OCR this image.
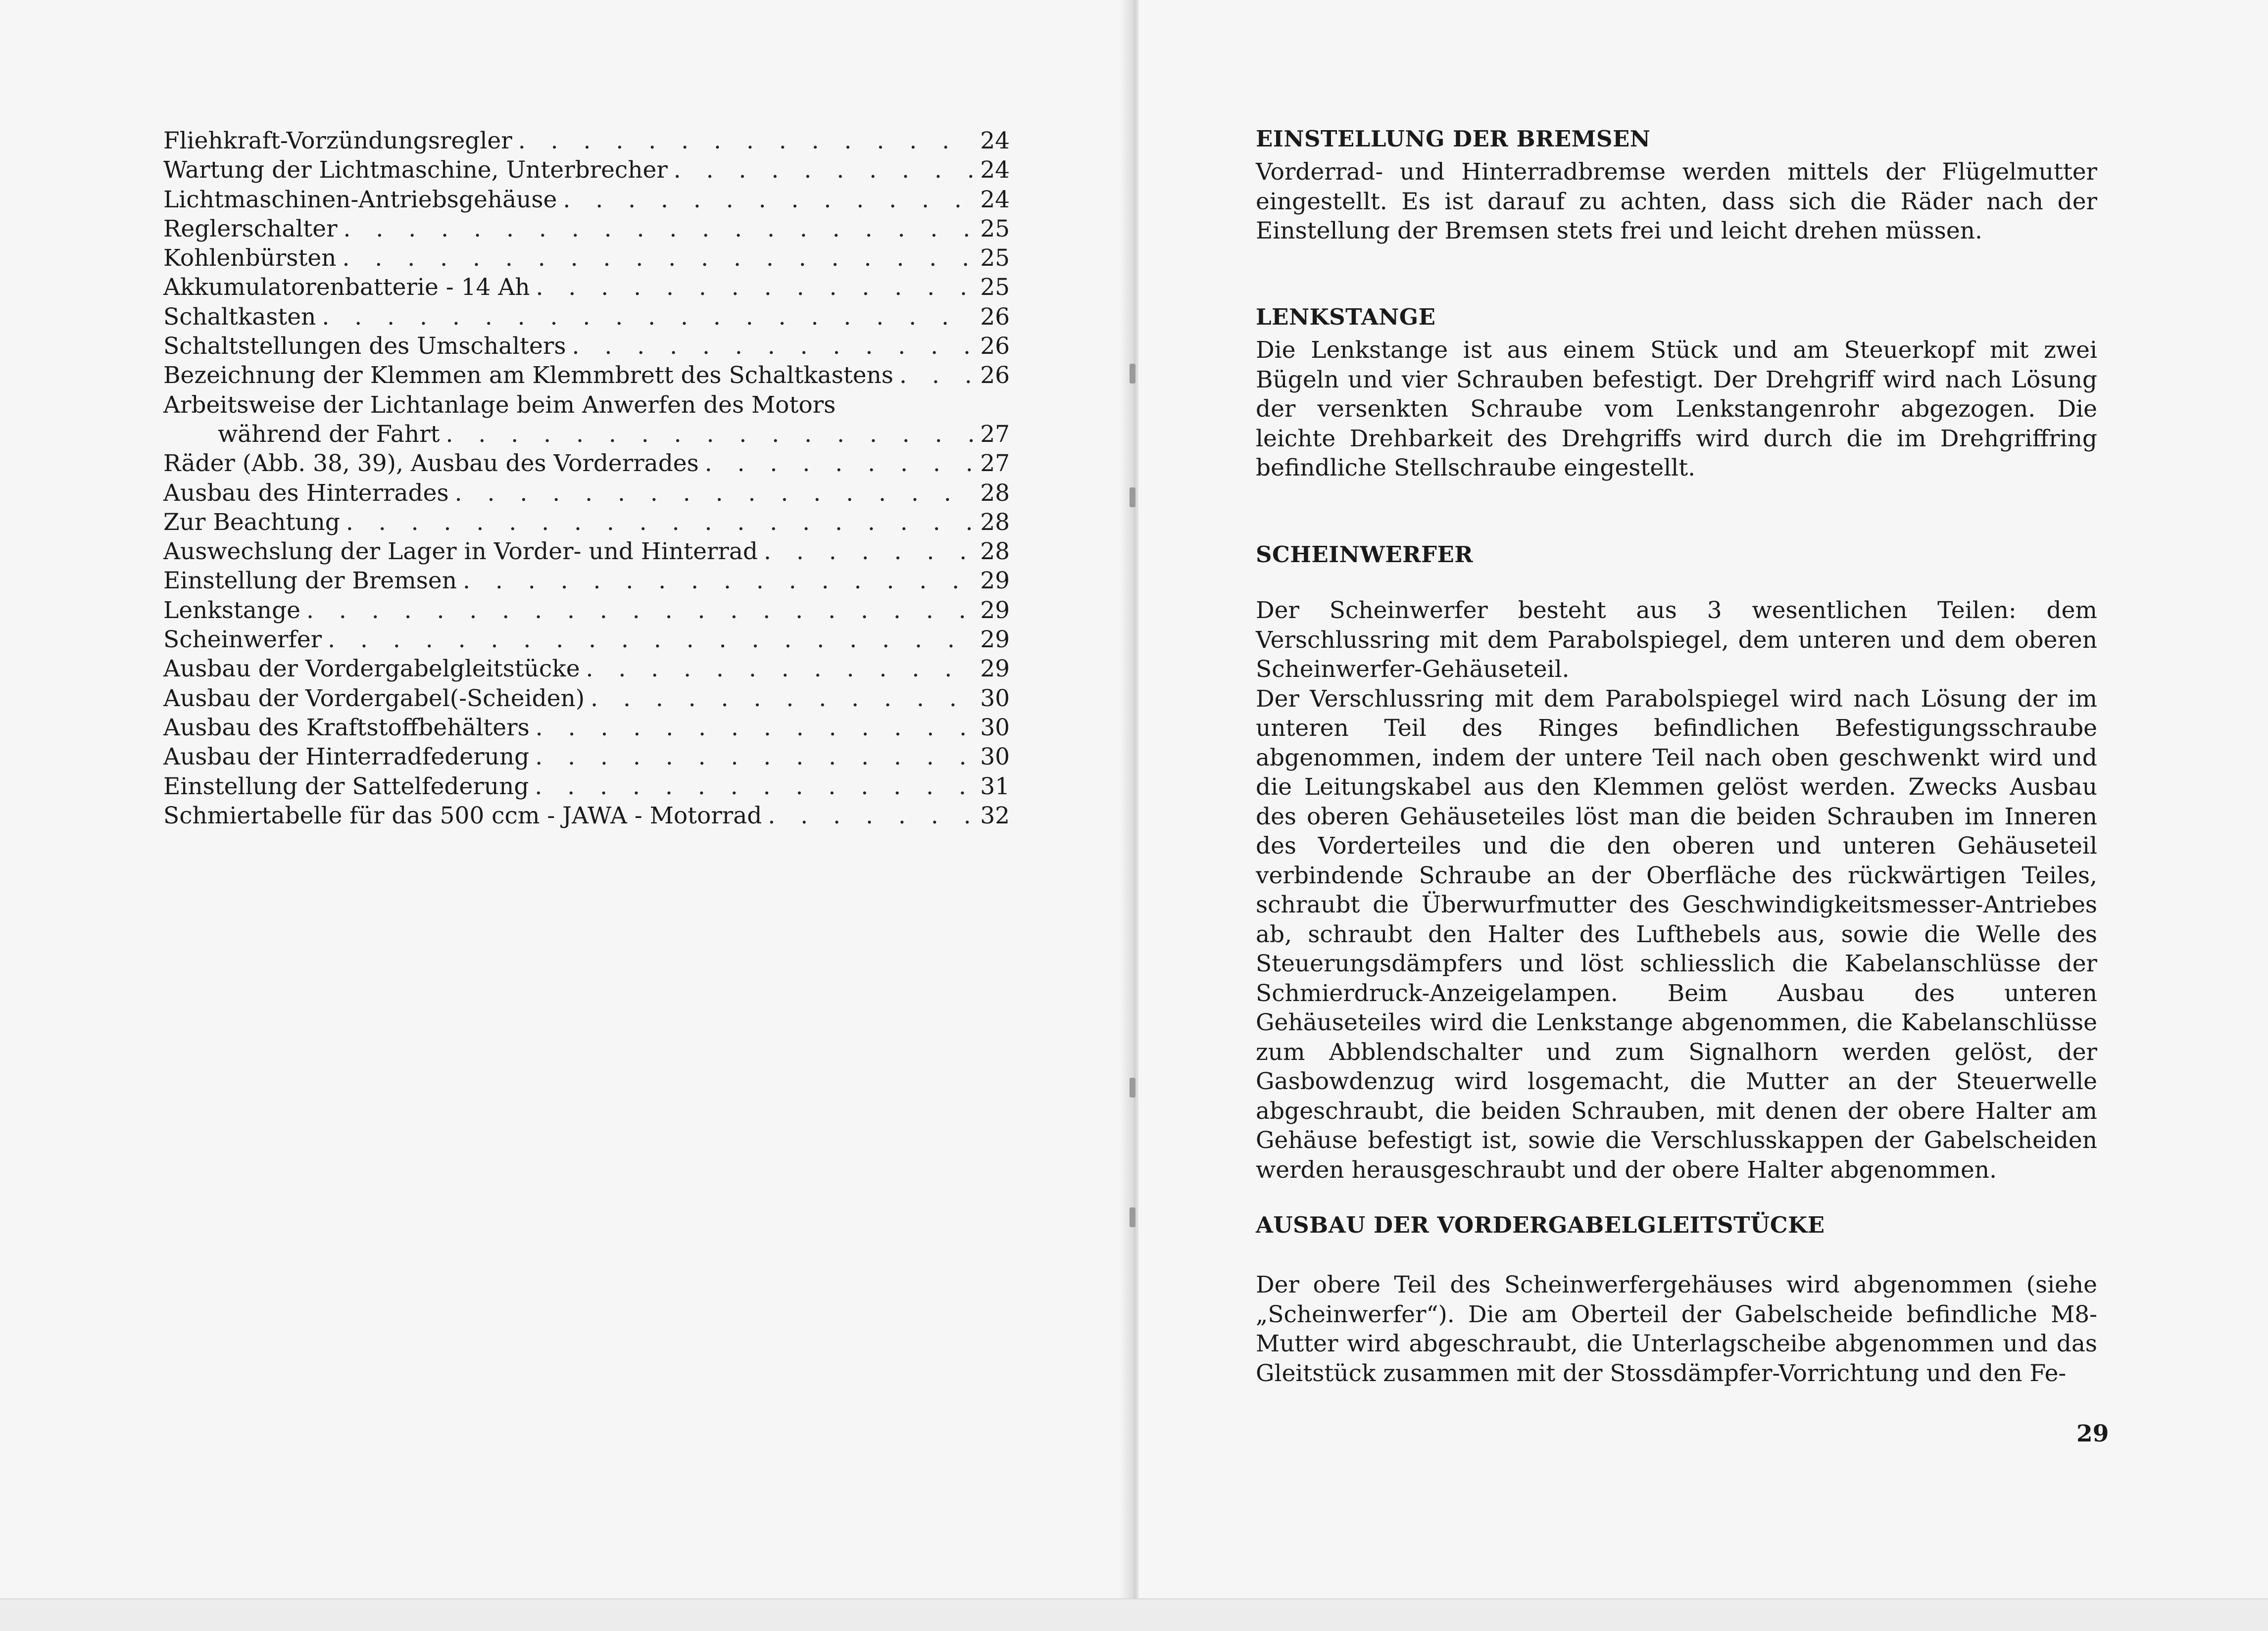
Fliehkraft-Vorzündungsregler . . .	24
Wartung der Lichtmaschine, Unterbrecher . . .	24
Lichtmaschinen-Antriebsgehäuse . . .	24
Reglerschalter . . .	25
Kohlenbürsten . . .	25
Akkumulatorenbatterie - 14 Ah . . .	25
Schaltkasten . . .	26
Schaltstellungen des Umschalters . . .	26
Bezeichnung der Klemmen am Klemmbrett des Schaltkastens . . .	26
Arbeitsweise der Lichtanlage beim Anwerfen des Motors
während der Fahrt . . .	27
Räder (Abb. 38, 39), Ausbau des Vorderrades . . .	27
Ausbau des Hinterrades . . .	28
Zur Beachtung . . .	28
Auswechslung der Lager in Vorder- und Hinterrad . . .	28
Einstellung der Bremsen . . .	29
Lenkstange . . .	29
Scheinwerfer . . .	29
Ausbau der Vordergabelgleitstücke . . .	29
Ausbau der Vordergabel(-Scheiden) . . .	30
Ausbau des Kraftstoffbehälters . . .	30
Ausbau der Hinterradfederung . . .	30
Einstellung der Sattelfederung . . .	31
Schmiertabelle für das 500 ccm - JAWA - Motorrad . . .	32
EINSTELLUNG DER BREMSEN

Vorderrad- und Hinterradbremse werden mittels der Flügelmutter eingestellt. Es ist darauf zu achten, dass sich die Räder nach der Einstellung der Bremsen stets frei und leicht drehen müssen.

LENKSTANGE

Die Lenkstange ist aus einem Stück und am Steuerkopf mit zwei Bügeln und vier Schrauben befestigt. Der Drehgriff wird nach Lösung der versenkten Schraube vom Lenkstangenrohr abgezogen. Die leichte Drehbarkeit des Drehgriffs wird durch die im Drehgriffring befindliche Stellschraube eingestellt.

SCHEINWERFER

Der Scheinwerfer besteht aus 3 wesentlichen Teilen: dem Verschlussring mit dem Parabolspiegel, dem unteren und dem oberen Scheinwerfer-Gehäuseteil.

Der Verschlussring mit dem Parabolspiegel wird nach Lösung der im unteren Teil des Ringes befindlichen Befestigungsschraube abgenommen, indem der untere Teil nach oben geschwenkt wird und die Leitungskabel aus den Klemmen gelöst werden. Zwecks Ausbau des oberen Gehäuseteiles löst man die beiden Schrauben im Inneren des Vorderteiles und die den oberen und unteren Gehäuseteil verbindende Schraube an der Oberfläche des rückwärtigen Teiles, schraubt die Überwurfmutter des Geschwindigkeitsmesser-Antriebes ab, schraubt den Halter des Lufthebels aus, sowie die Welle des Steuerungsdämpfers und löst schliesslich die Kabelanschlüsse der Schmierdruck-Anzeigelampen. Beim Ausbau des unteren Gehäuseteiles wird die Lenkstange abgenommen, die Kabelanschlüsse zum Abblendschalter und zum Signalhorn werden gelöst, der Gasbowdenzug wird losgemacht, die Mutter an der Steuerwelle abgeschraubt, die beiden Schrauben, mit denen der obere Halter am Gehäuse befestigt ist, sowie die Verschlusskappen der Gabelscheiden werden herausgeschraubt und der obere Halter abgenommen.

AUSBAU DER VORDERGABELGLEITSTÜCKE

Der obere Teil des Scheinwerfergehäuses wird abgenommen (siehe „Scheinwerfer“). Die am Oberteil der Gabelscheide befindliche M8-Mutter wird abgeschraubt, die Unterlagscheibe abgenommen und das Gleitstück zusammen mit der Stossdämpfer-Vorrichtung und den Fe-

29
